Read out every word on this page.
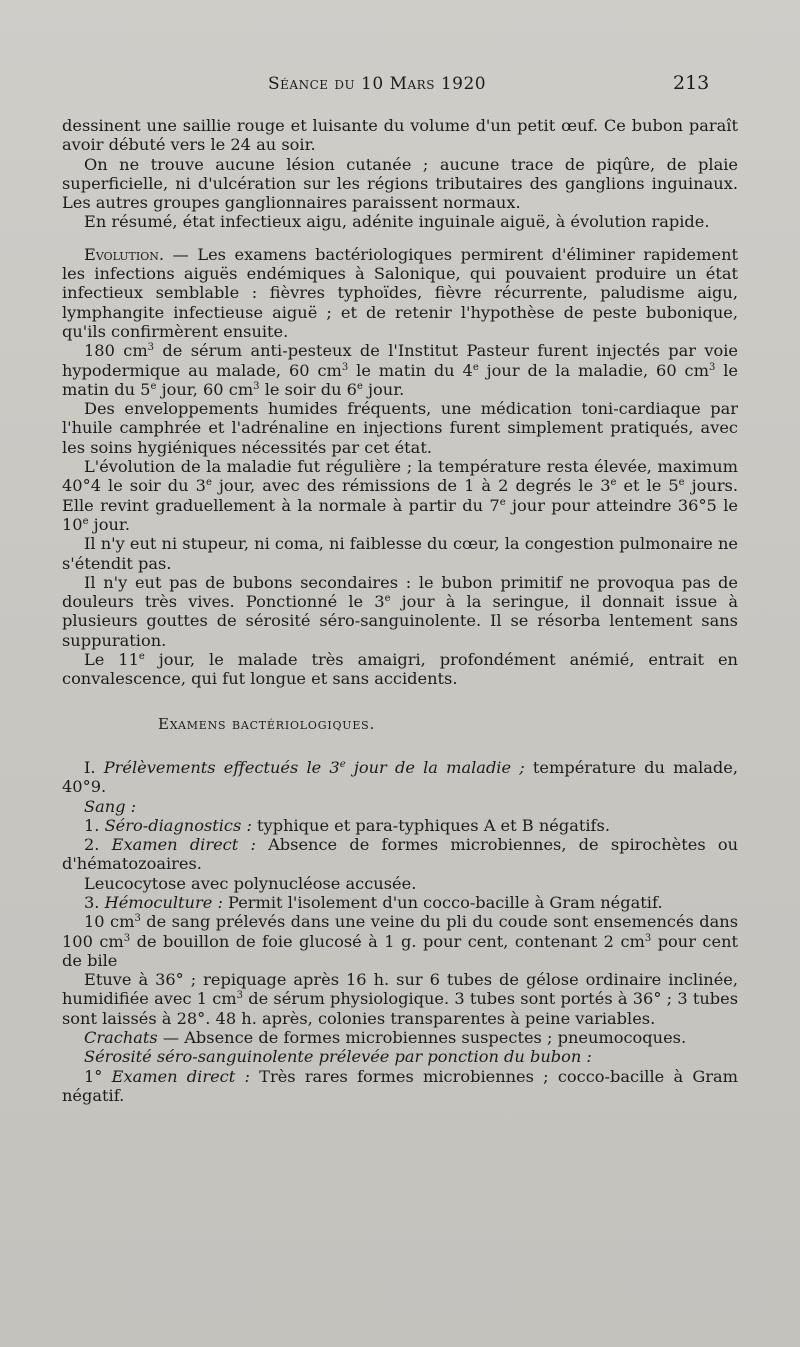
Séance du 10 Mars 1920	213

dessinent une saillie rouge et luisante du volume d'un petit œuf. Ce bubon paraît avoir débuté vers le 24 au soir.

On ne trouve aucune lésion cutanée ; aucune trace de piqûre, de plaie superficielle, ni d'ulcération sur les régions tributaires des ganglions inguinaux. Les autres groupes ganglionnaires paraissent normaux.

En résumé, état infectieux aigu, adénite inguinale aiguë, à évolution rapide.

Evolution. — Les examens bactériologiques permirent d'éliminer rapidement les infections aiguës endémiques à Salonique, qui pouvaient produire un état infectieux semblable : fièvres typhoïdes, fièvre récurrente, paludisme aigu, lymphangite infectieuse aiguë ; et de retenir l'hypothèse de peste bubonique, qu'ils confirmèrent ensuite.

180 $cm^3$ de sérum anti-pesteux de l'Institut Pasteur furent injectés par voie hypodermique au malade, 60 $cm^3$ le matin du 4e jour de la maladie, 60 $cm^3$ le matin du 5e jour, 60 $cm^3$ le soir du 6e jour.

Des enveloppements humides fréquents, une médication toni-cardiaque par l'huile camphrée et l'adrénaline en injections furent simplement pratiqués, avec les soins hygiéniques nécessités par cet état.

L'évolution de la maladie fut régulière ; la température resta élevée, maximum 40°4 le soir du 3e jour, avec des rémissions de 1 à 2 degrés le 3e et le 5e jours. Elle revint graduellement à la normale à partir du 7e jour pour atteindre 36°5 le 10e jour.

Il n'y eut ni stupeur, ni coma, ni faiblesse du cœur, la congestion pulmonaire ne s'étendit pas.

Il n'y eut pas de bubons secondaires : le bubon primitif ne provoqua pas de douleurs très vives. Ponctionné le 3e jour à la seringue, il donnait issue à plusieurs gouttes de sérosité séro-sanguinolente. Il se résorba lentement sans suppuration.

Le 11e jour, le malade très amaigri, profondément anémié, entrait en convalescence, qui fut longue et sans accidents.

Examens bactériologiques.

I. Prélèvements effectués le 3e jour de la maladie ; température du malade, 40°9.

Sang :

1. Séro-diagnostics : typhique et para-typhiques A et B négatifs.

2. Examen direct : Absence de formes microbiennes, de spirochètes ou d'hématozoaires.

Leucocytose avec polynucléose accusée.

3. Hémoculture : Permit l'isolement d'un cocco-bacille à Gram négatif.

10 $cm^3$ de sang prélevés dans une veine du pli du coude sont ensemencés dans 100 $cm^3$ de bouillon de foie glucosé à 1 g. pour cent, contenant 2 $cm^3$ pour cent de bile

Etuve à 36° ; repiquage après 16 h. sur 6 tubes de gélose ordinaire inclinée, humidifiée avec 1 $cm^3$ de sérum physiologique. 3 tubes sont portés à 36° ; 3 tubes sont laissés à 28°. 48 h. après, colonies transparentes à peine variables.

Crachats — Absence de formes microbiennes suspectes ; pneumocoques.

Sérosité séro-sanguinolente prélevée par ponction du bubon :

1° Examen direct : Très rares formes microbiennes ; cocco-bacille à Gram négatif.
